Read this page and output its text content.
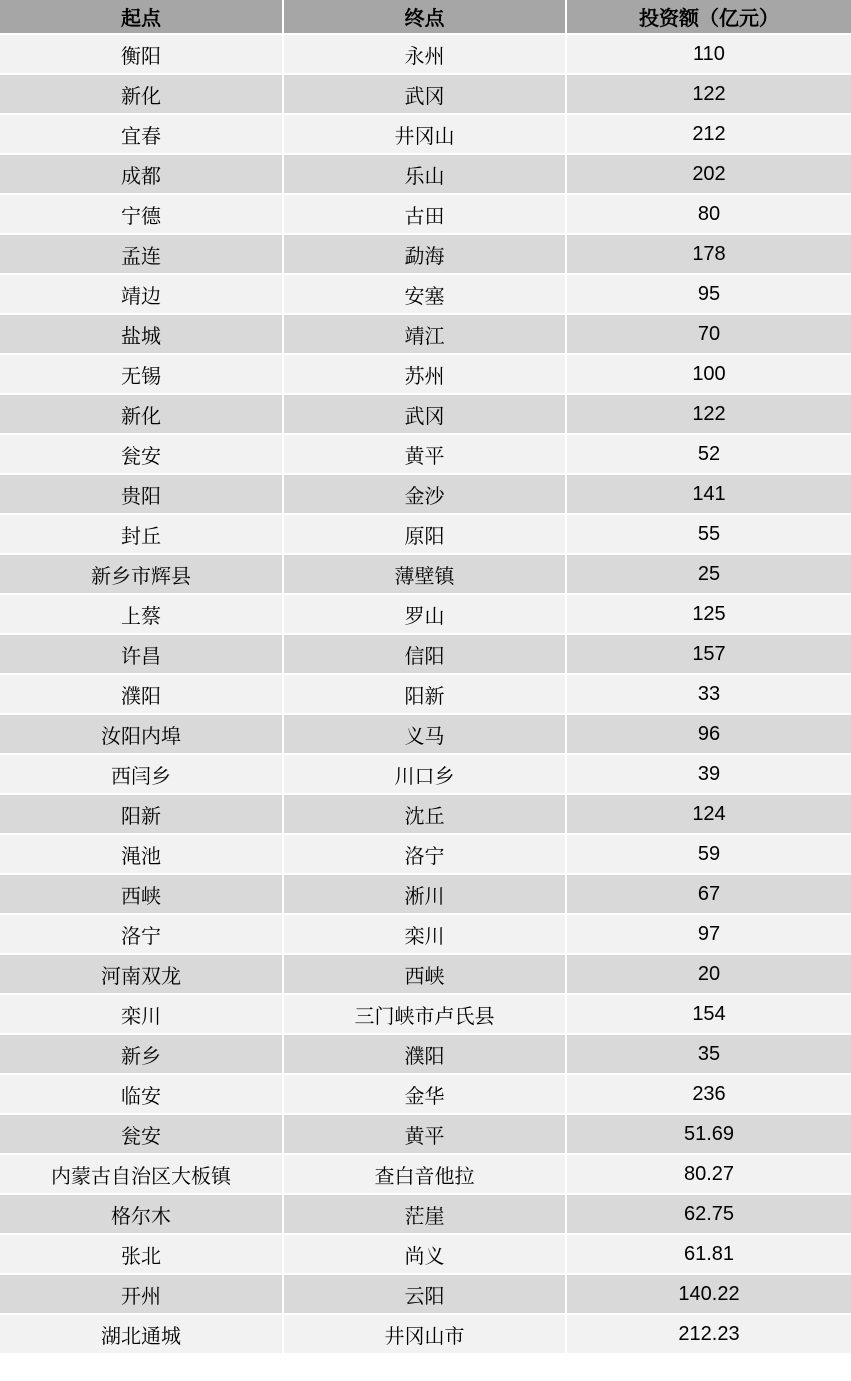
起点	终点	投资额（亿元）
衡阳	永州	110
新化	武冈	122
宜春	井冈山	212
成都	乐山	202
宁德	古田	80
孟连	勐海	178
靖边	安塞	95
盐城	靖江	70
无锡	苏州	100
新化	武冈	122
瓮安	黄平	52
贵阳	金沙	141
封丘	原阳	55
新乡市辉县	薄壁镇	25
上蔡	罗山	125
许昌	信阳	157
濮阳	阳新	33
汝阳内埠	义马	96
西闫乡	川口乡	39
阳新	沈丘	124
渑池	洛宁	59
西峡	淅川	67
洛宁	栾川	97
河南双龙	西峡	20
栾川	三门峡市卢氏县	154
新乡	濮阳	35
临安	金华	236
瓮安	黄平	51.69
内蒙古自治区大板镇	查白音他拉	80.27
格尔木	茫崖	62.75
张北	尚义	61.81
开州	云阳	140.22
湖北通城	井冈山市	212.23
